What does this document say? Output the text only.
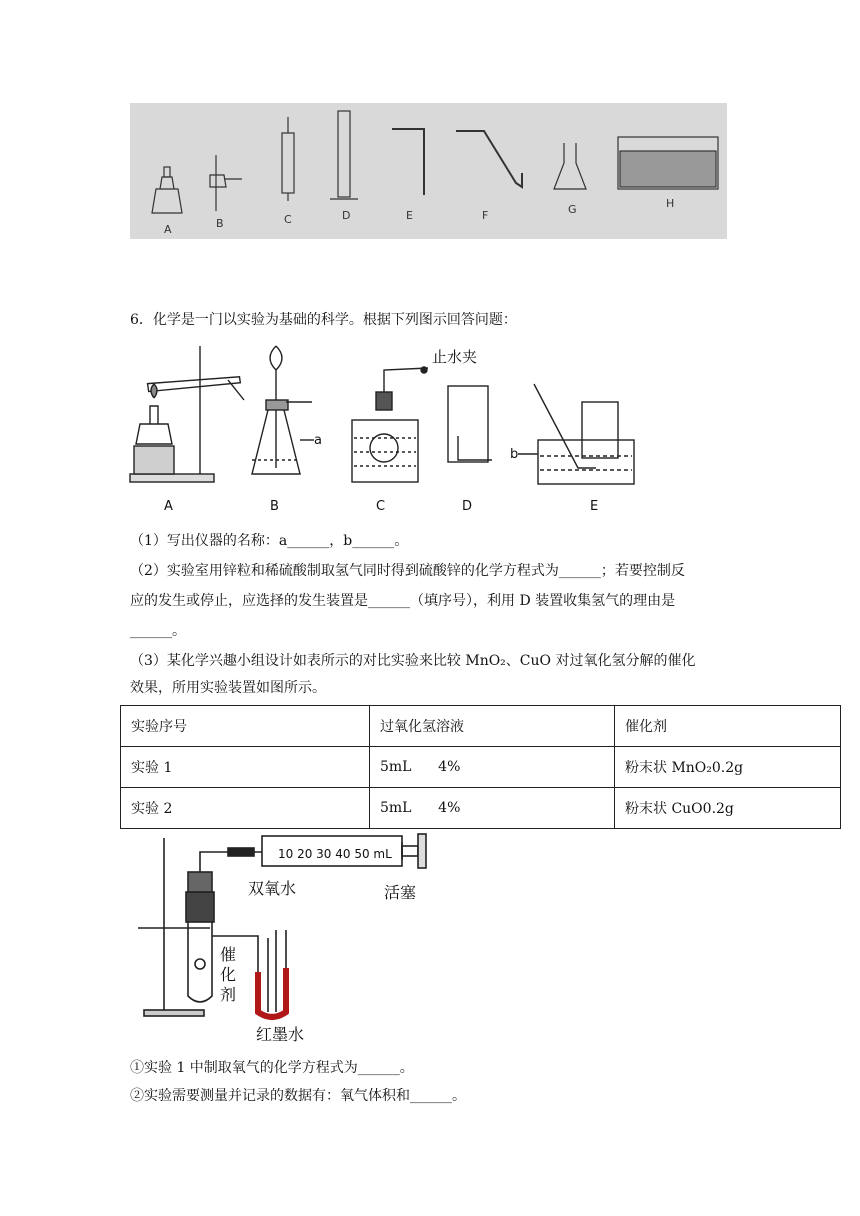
A	B	C	D	E	F	G	H
6．化学是一门以实验为基础的科学。根据下列图示回答问题：
A	B	C	D	E
a
b
止水夹
（1）写出仪器的名称：a______，b______。
（2）实验室用锌粒和稀硫酸制取氢气同时得到硫酸锌的化学方程式为______；若要控制反
应的发生或停止，应选择的发生装置是______（填序号），利用 D 装置收集氢气的理由是
______。
（3）某化学兴趣小组设计如表所示的对比实验来比较 MnO₂、CuO 对过氧化氢分解的催化
效果，所用实验装置如图所示。
实验序号	过氧化氢溶液	催化剂
实验 1	5mL      4%	粉末状 MnO₂0.2g
实验 2	5mL      4%	粉末状 CuO0.2g
10 20 30 40 50 mL
双氧水	活塞
催
化
剂
红墨水
①实验 1 中制取氧气的化学方程式为______。
②实验需要测量并记录的数据有：氧气体积和______。
